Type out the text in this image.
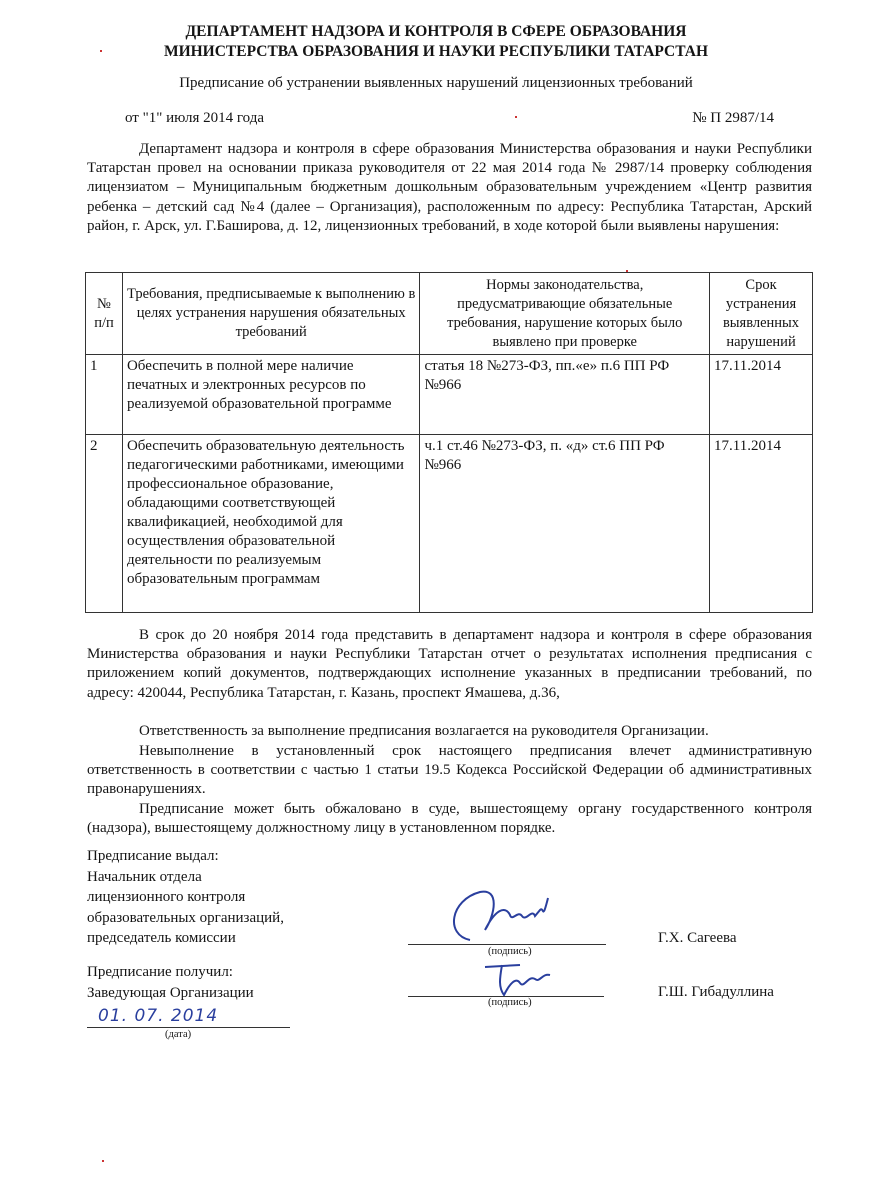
ДЕПАРТАМЕНТ НАДЗОРА И КОНТРОЛЯ В СФЕРЕ ОБРАЗОВАНИЯ
МИНИСТЕРСТВА ОБРАЗОВАНИЯ И НАУКИ РЕСПУБЛИКИ ТАТАРСТАН
Предписание об устранении выявленных нарушений лицензионных требований
от "1" июля 2014 года	№ П 2987/14

Департамент надзора и контроля в сфере образования Министерства образования и науки Республики Татарстан провел на основании приказа руководителя от 22 мая 2014 года № 2987/14 проверку соблюдения лицензиатом – Муниципальным бюджетным дошкольным образовательным учреждением «Центр развития ребенка – детский сад №4 (далее – Организация), расположенным по адресу: Республика Татарстан, Арский район, г. Арск, ул. Г.Баширова, д. 12, лицензионных требований, в ходе которой были выявлены нарушения:

№ п/п	Требования, предписываемые к выполнению в целях устранения нарушения обязательных требований	Нормы законодательства, предусматривающие обязательные требования, нарушение которых было выявлено при проверке	Срок устранения выявленных нарушений
1	Обеспечить в полной мере наличие печатных и электронных ресурсов по реализуемой образовательной программе	статья 18 №273-ФЗ, пп.«е» п.6 ПП РФ №966	17.11.2014
2	Обеспечить образовательную деятельность педагогическими работниками, имеющими профессиональное образование, обладающими соответствующей квалификацией, необходимой для осуществления образовательной деятельности по реализуемым образовательным программам	ч.1 ст.46 №273-ФЗ, п. «д» ст.6 ПП РФ №966	17.11.2014

В срок до 20 ноября 2014 года представить в департамент надзора и контроля в сфере образования Министерства образования и науки Республики Татарстан отчет о результатах исполнения предписания с приложением копий документов, подтверждающих исполнение указанных в предписании требований, по адресу: 420044, Республика Татарстан, г. Казань, проспект Ямашева, д.36,

Ответственность за выполнение предписания возлагается на руководителя Организации.

Невыполнение в установленный срок настоящего предписания влечет административную ответственность в соответствии с частью 1 статьи 19.5 Кодекса Российской Федерации об административных правонарушениях.

Предписание может быть обжаловано в суде, вышестоящему органу государственного контроля (надзора), вышестоящему должностному лицу в установленном порядке.

Предписание выдал:
Начальник отдела
лицензионного контроля
образовательных организаций,
председатель комиссии
(подпись)
Г.Х. Сагеева
Предписание получил:
Заведующая Организации
(подпись)
Г.Ш. Гибадуллина
01. 07. 2014
(дата)
